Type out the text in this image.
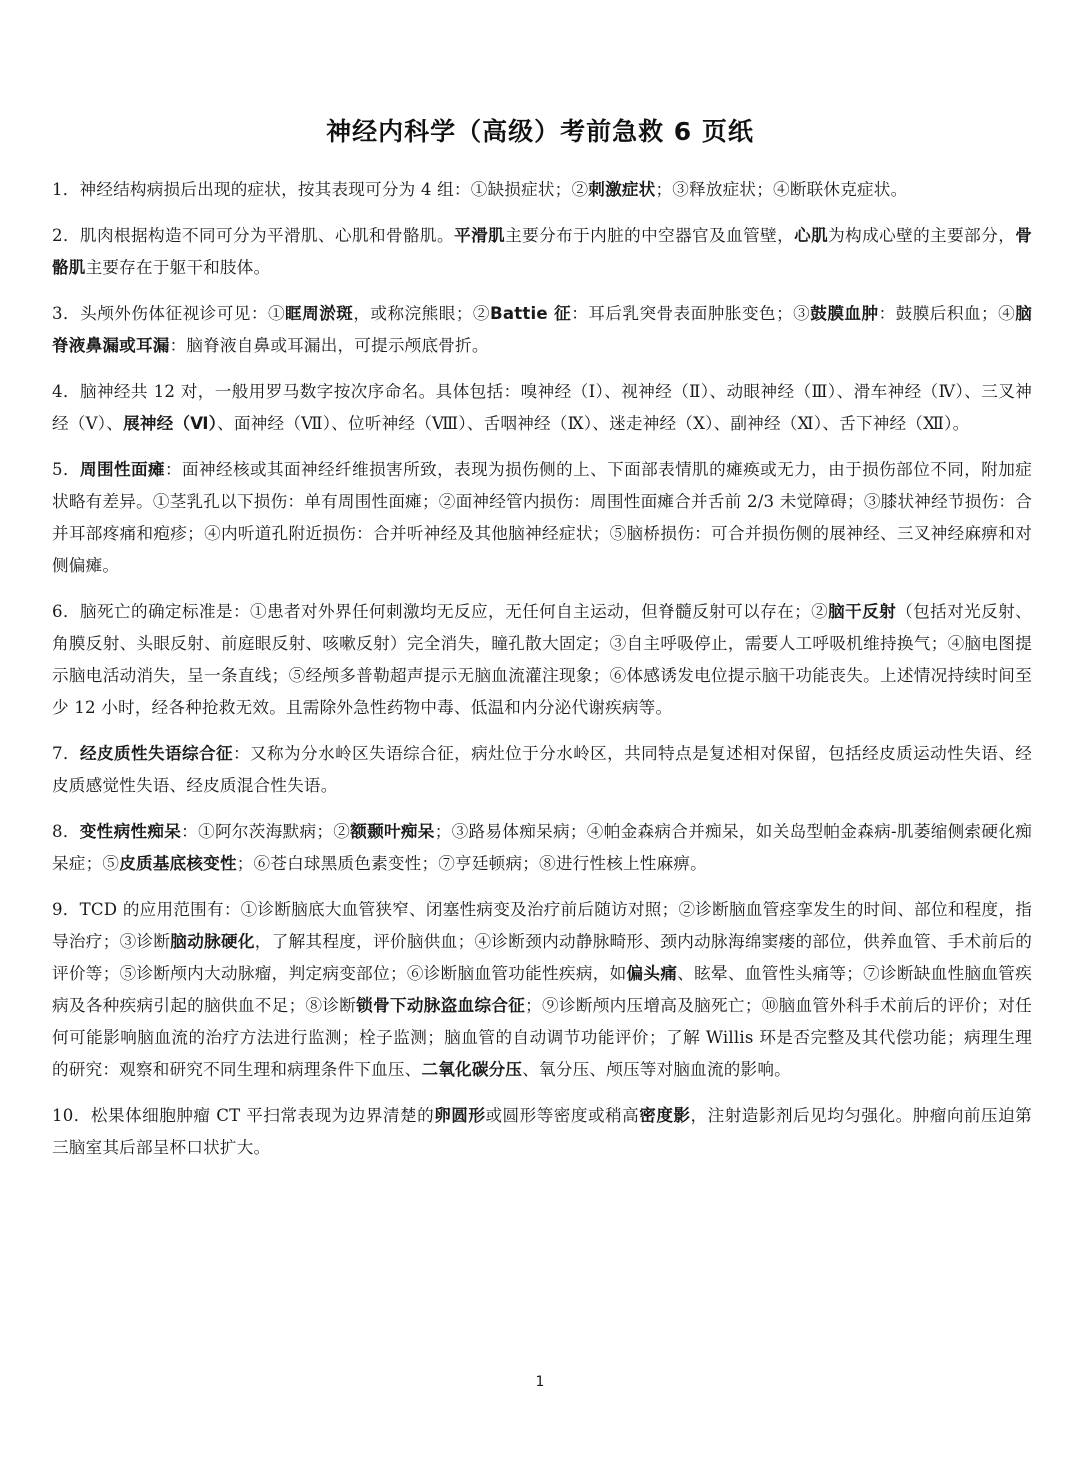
神经内科学（高级）考前急救 6 页纸

1．神经结构病损后出现的症状，按其表现可分为 4 组：①缺损症状；②刺激症状；③释放症状；④断联休克症状。

2．肌肉根据构造不同可分为平滑肌、心肌和骨骼肌。平滑肌主要分布于内脏的中空器官及血管壁，心肌为构成心壁的主要部分，骨骼肌主要存在于躯干和肢体。

3．头颅外伤体征视诊可见：①眶周淤斑，或称浣熊眼；②Battie 征：耳后乳突骨表面肿胀变色；③鼓膜血肿：鼓膜后积血；④脑脊液鼻漏或耳漏：脑脊液自鼻或耳漏出，可提示颅底骨折。

4．脑神经共 12 对，一般用罗马数字按次序命名。具体包括：嗅神经（Ⅰ）、视神经（Ⅱ）、动眼神经（Ⅲ）、滑车神经（Ⅳ）、三叉神经（Ⅴ）、展神经（Ⅵ）、面神经（Ⅶ）、位听神经（Ⅷ）、舌咽神经（Ⅸ）、迷走神经（Ⅹ）、副神经（Ⅺ）、舌下神经（Ⅻ）。

5．周围性面瘫：面神经核或其面神经纤维损害所致，表现为损伤侧的上、下面部表情肌的瘫痪或无力，由于损伤部位不同，附加症状略有差异。①茎乳孔以下损伤：单有周围性面瘫；②面神经管内损伤：周围性面瘫合并舌前 2/3 未觉障碍；③膝状神经节损伤：合并耳部疼痛和疱疹；④内听道孔附近损伤：合并听神经及其他脑神经症状；⑤脑桥损伤：可合并损伤侧的展神经、三叉神经麻痹和对侧偏瘫。

6．脑死亡的确定标准是：①患者对外界任何刺激均无反应，无任何自主运动，但脊髓反射可以存在；②脑干反射（包括对光反射、角膜反射、头眼反射、前庭眼反射、咳嗽反射）完全消失，瞳孔散大固定；③自主呼吸停止，需要人工呼吸机维持换气；④脑电图提示脑电活动消失，呈一条直线；⑤经颅多普勒超声提示无脑血流灌注现象；⑥体感诱发电位提示脑干功能丧失。上述情况持续时间至少 12 小时，经各种抢救无效。且需除外急性药物中毒、低温和内分泌代谢疾病等。

7．经皮质性失语综合征：又称为分水岭区失语综合征，病灶位于分水岭区，共同特点是复述相对保留，包括经皮质运动性失语、经皮质感觉性失语、经皮质混合性失语。

8．变性病性痴呆：①阿尔茨海默病；②额颞叶痴呆；③路易体痴呆病；④帕金森病合并痴呆，如关岛型帕金森病-肌萎缩侧索硬化痴呆症；⑤皮质基底核变性；⑥苍白球黑质色素变性；⑦亨廷顿病；⑧进行性核上性麻痹。

9．TCD 的应用范围有：①诊断脑底大血管狭窄、闭塞性病变及治疗前后随访对照；②诊断脑血管痉挛发生的时间、部位和程度，指导治疗；③诊断脑动脉硬化，了解其程度，评价脑供血；④诊断颈内动静脉畸形、颈内动脉海绵窦瘘的部位，供养血管、手术前后的评价等；⑤诊断颅内大动脉瘤，判定病变部位；⑥诊断脑血管功能性疾病，如偏头痛、眩晕、血管性头痛等；⑦诊断缺血性脑血管疾病及各种疾病引起的脑供血不足；⑧诊断锁骨下动脉盗血综合征；⑨诊断颅内压增高及脑死亡；⑩脑血管外科手术前后的评价；对任何可能影响脑血流的治疗方法进行监测；栓子监测；脑血管的自动调节功能评价；了解 Willis 环是否完整及其代偿功能；病理生理的研究：观察和研究不同生理和病理条件下血压、二氧化碳分压、氧分压、颅压等对脑血流的影响。

10．松果体细胞肿瘤 CT 平扫常表现为边界清楚的卵圆形或圆形等密度或稍高密度影，注射造影剂后见均匀强化。肿瘤向前压迫第三脑室其后部呈杯口状扩大。

1
